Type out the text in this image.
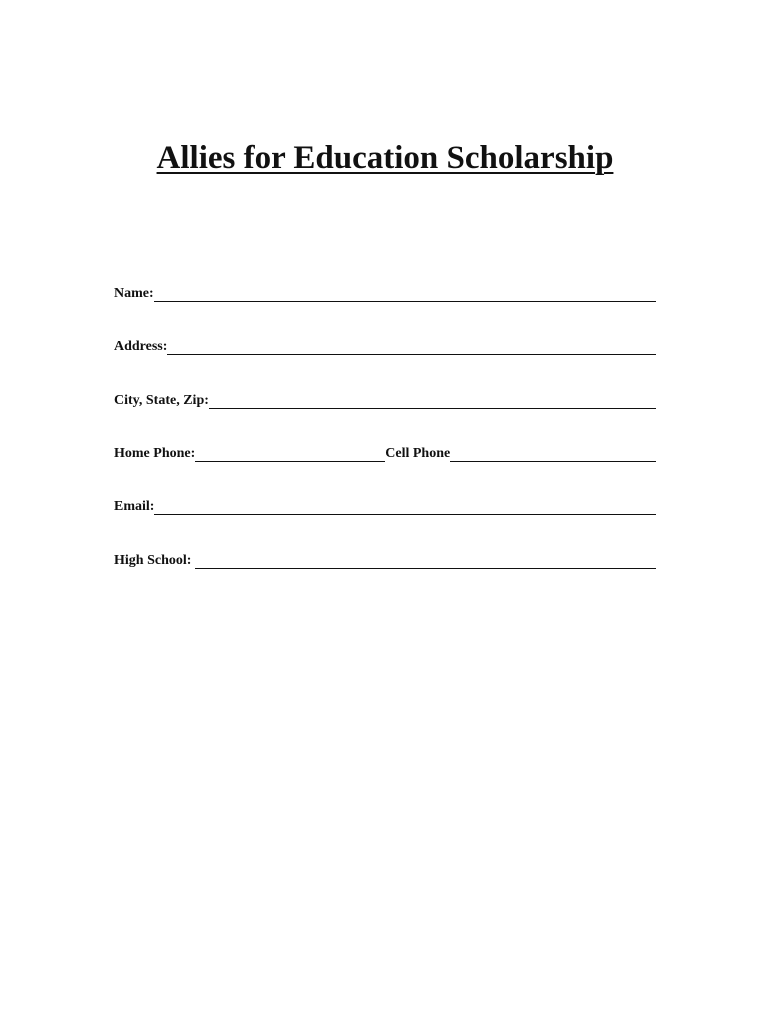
Allies for Education Scholarship
Name:
Address:
City, State, Zip:
Home Phone:	Cell Phone
Email:
High School:
